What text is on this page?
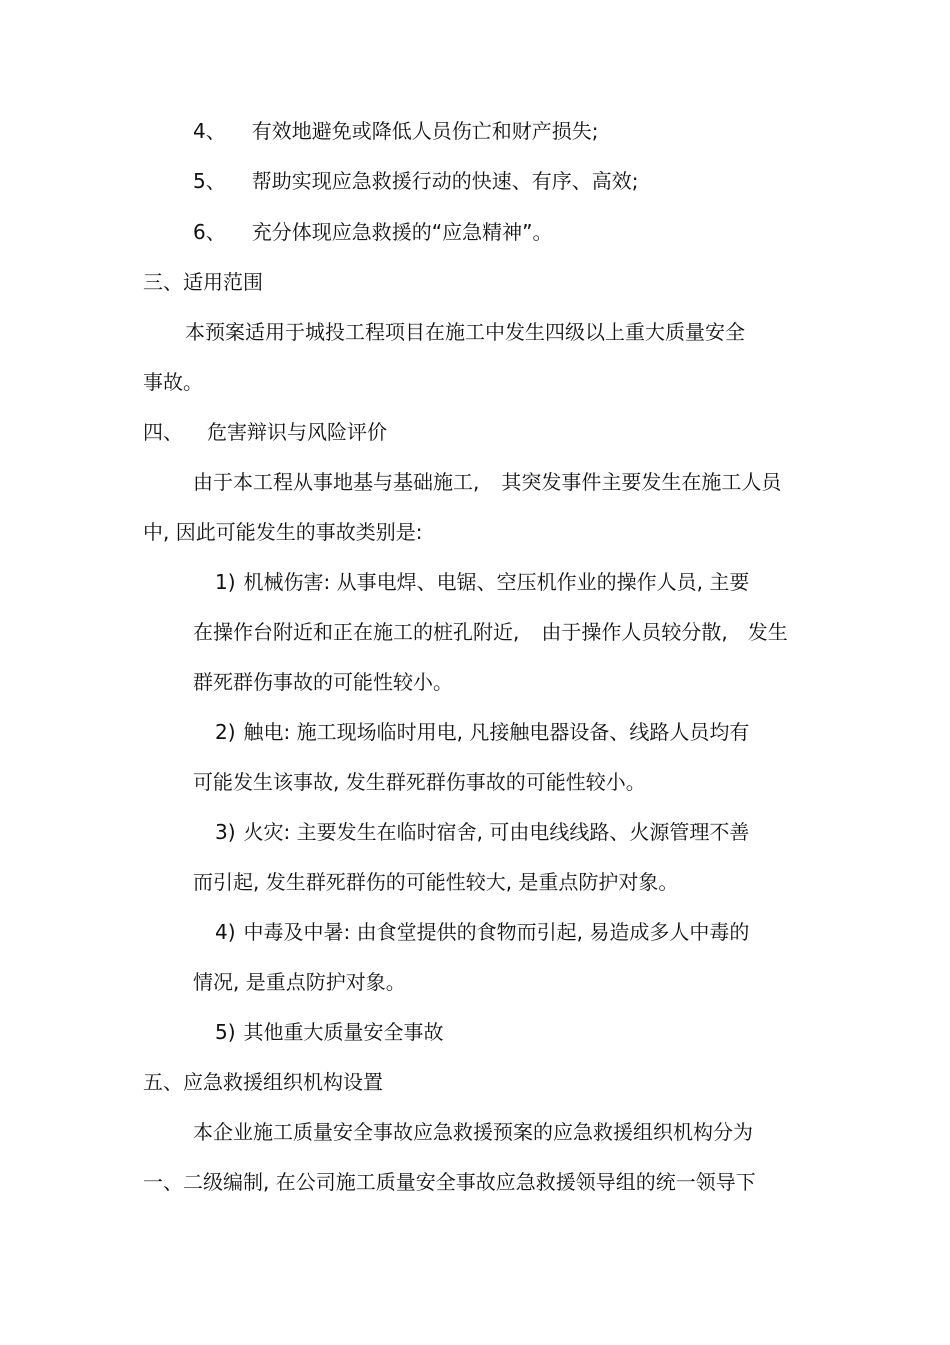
4、 有效地避免或降低人员伤亡和财产损失;
5、 帮助实现应急救援行动的快速、有序、高效;
6、 充分体现应急救援的“应急精神”。
三、适用范围
本预案适用于城投工程项目在施工中发生四级以上重大质量安全
事故。
四、 危害辩识与风险评价
由于本工程从事地基与基础施工, 其突发事件主要发生在施工人员
中, 因此可能发生的事故类别是:
1) 机械伤害: 从事电焊、电锯、空压机作业的操作人员, 主要
在操作台附近和正在施工的桩孔附近, 由于操作人员较分散, 发生
群死群伤事故的可能性较小。
2) 触电: 施工现场临时用电, 凡接触电器设备、线路人员均有
可能发生该事故, 发生群死群伤事故的可能性较小。
3) 火灾: 主要发生在临时宿舍, 可由电线线路、火源管理不善
而引起, 发生群死群伤的可能性较大, 是重点防护对象。
4) 中毒及中暑: 由食堂提供的食物而引起, 易造成多人中毒的
情况, 是重点防护对象。
5) 其他重大质量安全事故
五、应急救援组织机构设置
本企业施工质量安全事故应急救援预案的应急救援组织机构分为
一、二级编制, 在公司施工质量安全事故应急救援领导组的统一领导下
